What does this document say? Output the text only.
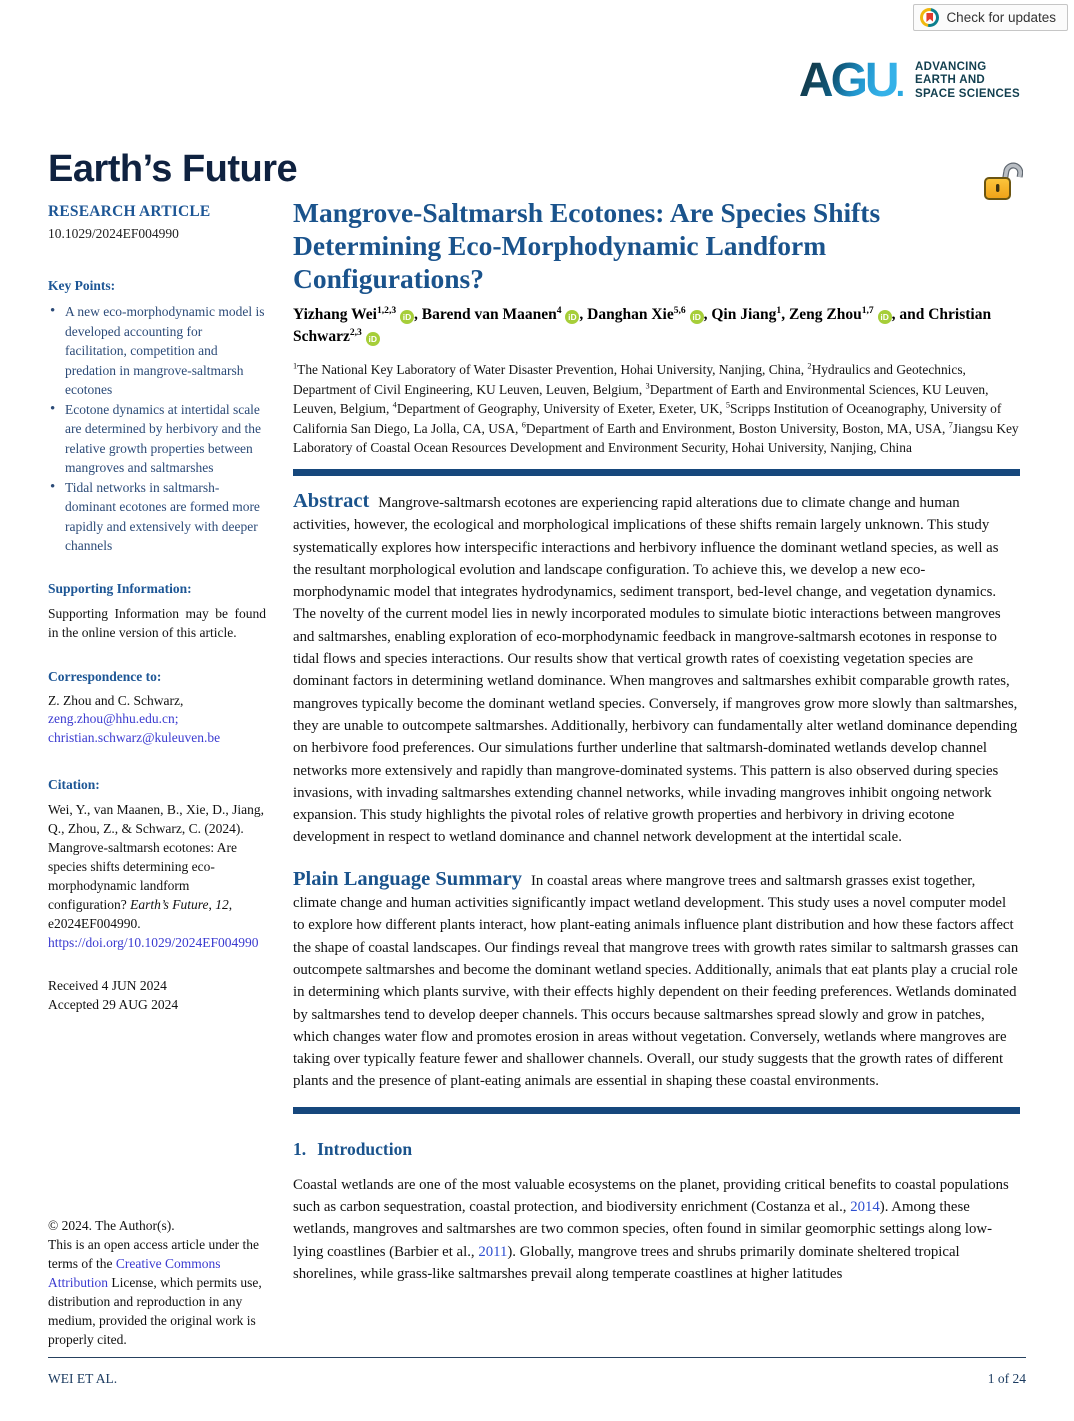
Check for updates
AGU. ADVANCING
EARTH AND
SPACE SCIENCES
Earth’s Future
RESEARCH ARTICLE
10.1029/2024EF004990
Key Points:
• A new eco-morphodynamic model is developed accounting for facilitation, competition and predation in mangrove-saltmarsh ecotones
• Ecotone dynamics at intertidal scale are determined by herbivory and the relative growth properties between mangroves and saltmarshes
• Tidal networks in saltmarsh-dominant ecotones are formed more rapidly and extensively with deeper channels
Supporting Information:
Supporting Information may be found in the online version of this article.
Correspondence to:
Z. Zhou and C. Schwarz,
zeng.zhou@hhu.edu.cn;
christian.schwarz@kuleuven.be
Citation:
Wei, Y., van Maanen, B., Xie, D., Jiang, Q., Zhou, Z., & Schwarz, C. (2024). Mangrove-saltmarsh ecotones: Are species shifts determining eco-morphodynamic landform configuration? Earth’s Future, 12, e2024EF004990. https://doi.org/10.1029/2024EF004990
Received 4 JUN 2024
Accepted 29 AUG 2024
© 2024. The Author(s).
This is an open access article under the terms of the Creative Commons Attribution License, which permits use, distribution and reproduction in any medium, provided the original work is properly cited.
Mangrove-Saltmarsh Ecotones: Are Species Shifts Determining Eco-Morphodynamic Landform Configurations?
Yizhang Wei$^{1,2,3}$ iD , Barend van Maanen$^4$ iD , Danghan Xie$^{5,6}$ iD , Qin Jiang$^1$, Zeng Zhou$^{1,7}$ iD , and Christian Schwarz$^{2,3}$ iD
$^1$The National Key Laboratory of Water Disaster Prevention, Hohai University, Nanjing, China, $^2$Hydraulics and Geotechnics, Department of Civil Engineering, KU Leuven, Leuven, Belgium, $^3$Department of Earth and Environmental Sciences, KU Leuven, Leuven, Belgium, $^4$Department of Geography, University of Exeter, Exeter, UK, $^5$Scripps Institution of Oceanography, University of California San Diego, La Jolla, CA, USA, $^6$Department of Earth and Environment, Boston University, Boston, MA, USA, $^7$Jiangsu Key Laboratory of Coastal Ocean Resources Development and Environment Security, Hohai University, Nanjing, China

Abstract Mangrove-saltmarsh ecotones are experiencing rapid alterations due to climate change and human activities, however, the ecological and morphological implications of these shifts remain largely unknown. This study systematically explores how interspecific interactions and herbivory influence the dominant wetland species, as well as the resultant morphological evolution and landscape configuration. To achieve this, we develop a new eco-morphodynamic model that integrates hydrodynamics, sediment transport, bed-level change, and vegetation dynamics. The novelty of the current model lies in newly incorporated modules to simulate biotic interactions between mangroves and saltmarshes, enabling exploration of eco-morphodynamic feedback in mangrove-saltmarsh ecotones in response to tidal flows and species interactions. Our results show that vertical growth rates of coexisting vegetation species are dominant factors in determining wetland dominance. When mangroves and saltmarshes exhibit comparable growth rates, mangroves typically become the dominant wetland species. Conversely, if mangroves grow more slowly than saltmarshes, they are unable to outcompete saltmarshes. Additionally, herbivory can fundamentally alter wetland dominance depending on herbivore food preferences. Our simulations further underline that saltmarsh-dominated wetlands develop channel networks more extensively and rapidly than mangrove-dominated systems. This pattern is also observed during species invasions, with invading saltmarshes extending channel networks, while invading mangroves inhibit ongoing network expansion. This study highlights the pivotal roles of relative growth properties and herbivory in driving ecotone development in respect to wetland dominance and channel network development at the intertidal scale.

Plain Language Summary In coastal areas where mangrove trees and saltmarsh grasses exist together, climate change and human activities significantly impact wetland development. This study uses a novel computer model to explore how different plants interact, how plant-eating animals influence plant distribution and how these factors affect the shape of coastal landscapes. Our findings reveal that mangrove trees with growth rates similar to saltmarsh grasses can outcompete saltmarshes and become the dominant wetland species. Additionally, animals that eat plants play a crucial role in determining which plants survive, with their effects highly dependent on their feeding preferences. Wetlands dominated by saltmarshes tend to develop deeper channels. This occurs because saltmarshes spread slowly and grow in patches, which changes water flow and promotes erosion in areas without vegetation. Conversely, wetlands where mangroves are taking over typically feature fewer and shallower channels. Overall, our study suggests that the growth rates of different plants and the presence of plant-eating animals are essential in shaping these coastal environments.

1. Introduction

Coastal wetlands are one of the most valuable ecosystems on the planet, providing critical benefits to coastal populations such as carbon sequestration, coastal protection, and biodiversity enrichment (Costanza et al., 2014). Among these wetlands, mangroves and saltmarshes are two common species, often found in similar geomorphic settings along low-lying coastlines (Barbier et al., 2011). Globally, mangrove trees and shrubs primarily dominate sheltered tropical shorelines, while grass-like saltmarshes prevail along temperate coastlines at higher latitudes

WEI ET AL.	1 of 24
